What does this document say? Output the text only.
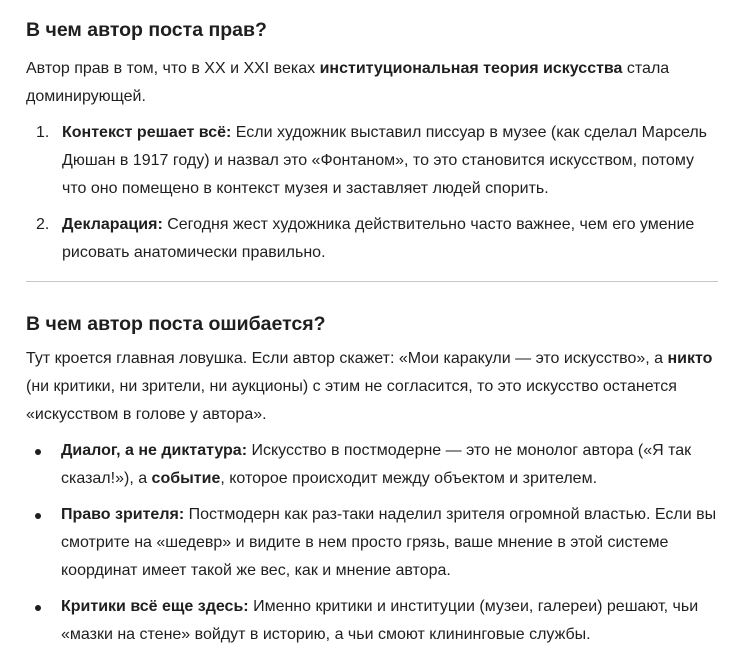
В чем автор поста прав?

Автор прав в том, что в XX и XXI веках институциональная теория искусства стала доминирующей.

1. Контекст решает всё: Если художник выставил писсуар в музее (как сделал Марсель Дюшан в 1917 году) и назвал это «Фонтаном», то это становится искусством, потому что оно помещено в контекст музея и заставляет людей спорить.
2. Декларация: Сегодня жест художника действительно часто важнее, чем его умение рисовать анатомически правильно.
В чем автор поста ошибается?

Тут кроется главная ловушка. Если автор скажет: «Мои каракули — это искусство», а никто (ни критики, ни зрители, ни аукционы) с этим не согласится, то это искусство останется «искусством в голове у автора».

Диалог, а не диктатура: Искусство в постмодерне — это не монолог автора («Я так сказал!»), а событие, которое происходит между объектом и зрителем.
Право зрителя: Постмодерн как раз-таки наделил зрителя огромной властью. Если вы смотрите на «шедевр» и видите в нем просто грязь, ваше мнение в этой системе координат имеет такой же вес, как и мнение автора.
Критики всё еще здесь: Именно критики и институции (музеи, галереи) решают, чьи «мазки на стене» войдут в историю, а чьи смоют клининговые службы.
